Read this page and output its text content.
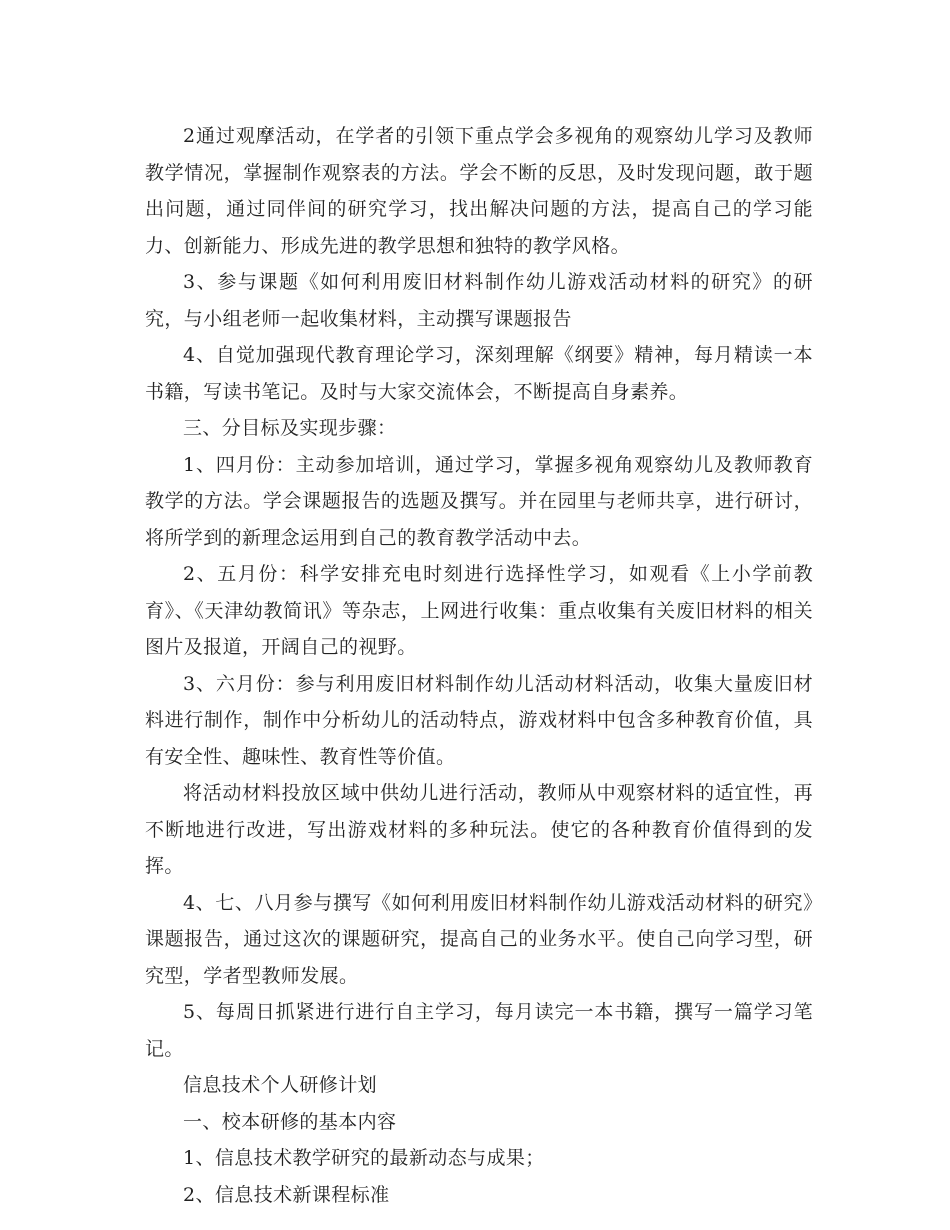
2通过观摩活动，在学者的引领下重点学会多视角的观察幼儿学习及教师教学情况，掌握制作观察表的方法。学会不断的反思，及时发现问题，敢于题出问题，通过同伴间的研究学习，找出解决问题的方法，提高自己的学习能力、创新能力、形成先进的教学思想和独特的教学风格。

3、参与课题《如何利用废旧材料制作幼儿游戏活动材料的研究》的研究，与小组老师一起收集材料，主动撰写课题报告

4、自觉加强现代教育理论学习，深刻理解《纲要》精神，每月精读一本书籍，写读书笔记。及时与大家交流体会，不断提高自身素养。

三、分目标及实现步骤：

1、四月份：主动参加培训，通过学习，掌握多视角观察幼儿及教师教育教学的方法。学会课题报告的选题及撰写。并在园里与老师共享，进行研讨，将所学到的新理念运用到自己的教育教学活动中去。

2、五月份：科学安排充电时刻进行选择性学习，如观看《上小学前教育》、《天津幼教简讯》等杂志，上网进行收集：重点收集有关废旧材料的相关图片及报道，开阔自己的视野。

3、六月份：参与利用废旧材料制作幼儿活动材料活动，收集大量废旧材料进行制作，制作中分析幼儿的活动特点，游戏材料中包含多种教育价值，具有安全性、趣味性、教育性等价值。

将活动材料投放区域中供幼儿进行活动，教师从中观察材料的适宜性，再不断地进行改进，写出游戏材料的多种玩法。使它的各种教育价值得到的发挥。

4、七、八月参与撰写《如何利用废旧材料制作幼儿游戏活动材料的研究》课题报告，通过这次的课题研究，提高自己的业务水平。使自己向学习型，研究型，学者型教师发展。

5、每周日抓紧进行进行自主学习，每月读完一本书籍，撰写一篇学习笔记。

信息技术个人研修计划

一、校本研修的基本内容

1、信息技术教学研究的最新动态与成果；

2、信息技术新课程标准
